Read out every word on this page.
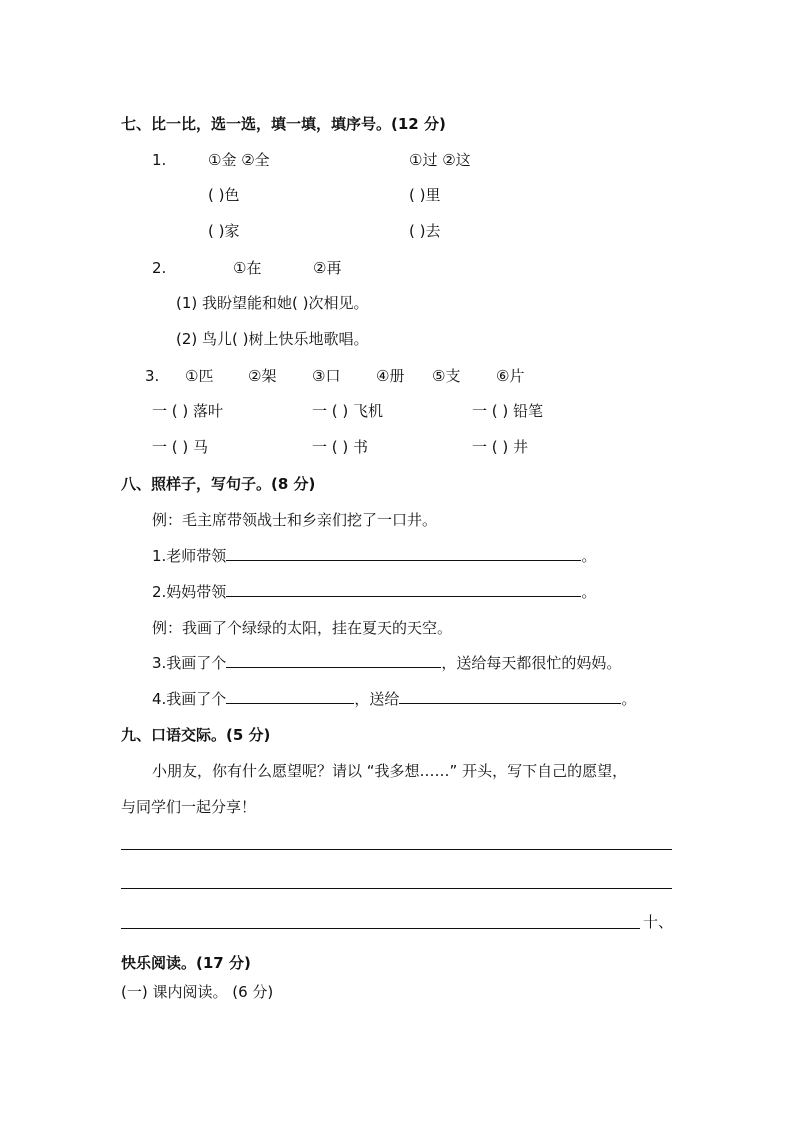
七、比一比，选一选，填一填，填序号。(12 分)
1.	①金 ②全	①过 ②这
( )色	( )里
( )家	( )去
2.	①在	②再
(1) 我盼望能和她( )次相见。
(2) 鸟儿( )树上快乐地歌唱。
3. ①匹 ②架 ③口 ④册 ⑤支 ⑥片
一 ( ) 落叶	一 ( ) 飞机	一 ( ) 铅笔
一 ( ) 马	一 ( ) 书	一 ( ) 井
八、照样子，写句子。(8 分)
例：毛主席带领战士和乡亲们挖了一口井。
1.老师带领	。
2.妈妈带领	。
例：我画了个绿绿的太阳，挂在夏天的天空。
3.我画了个	，送给每天都很忙的妈妈。
4.我画了个	，送给	。
九、口语交际。(5 分)
小朋友，你有什么愿望呢？请以 “我多想……” 开头，写下自己的愿望，
与同学们一起分享！
十、
快乐阅读。(17 分)
(一) 课内阅读。 (6 分)
